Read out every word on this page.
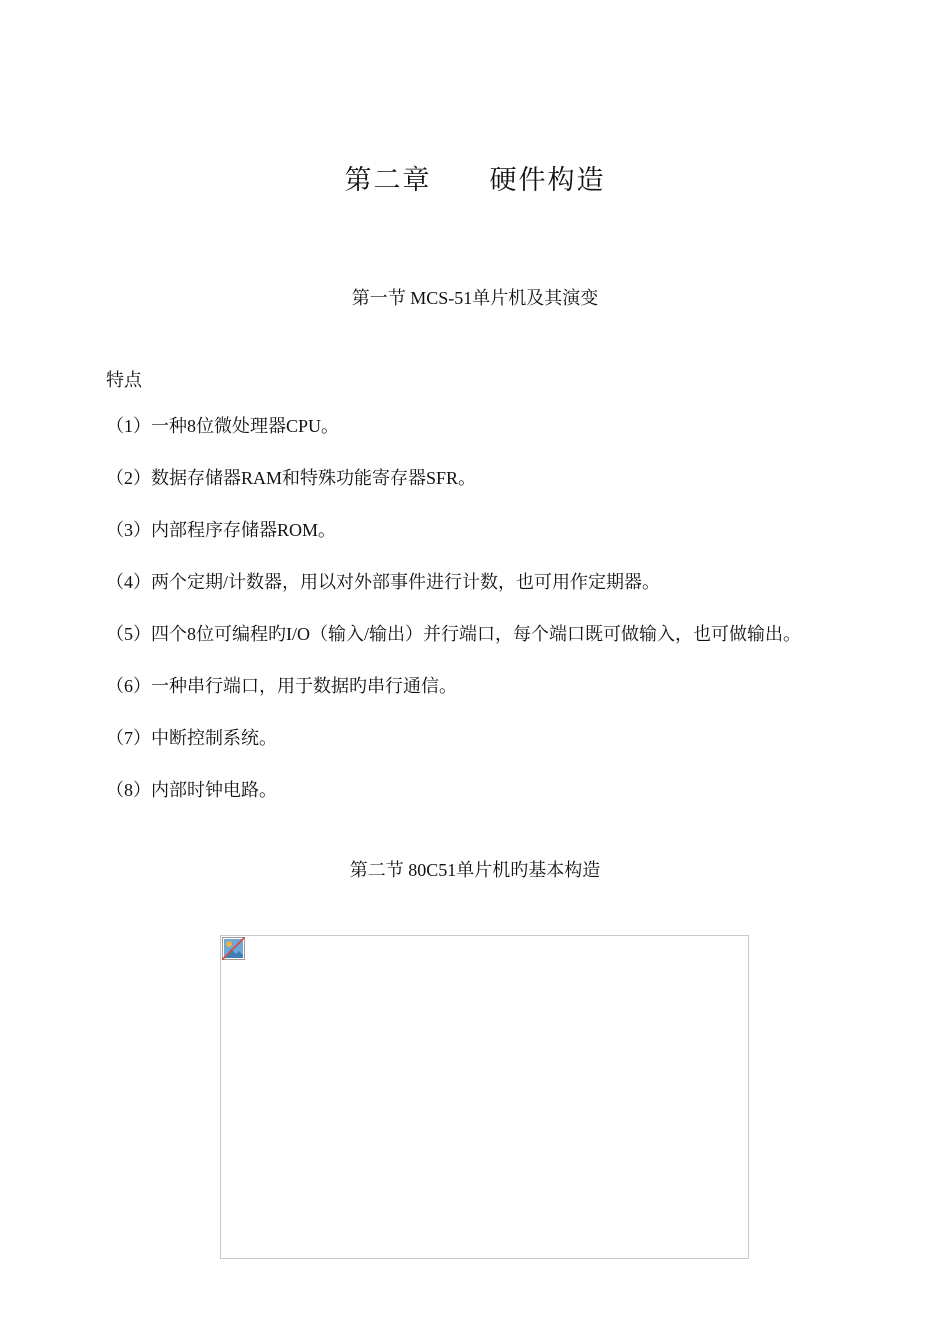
第二章　　硬件构造
第一节 MCS-51单片机及其演变
特点
（1）一种8位微处理器CPU。
（2）数据存储器RAM和特殊功能寄存器SFR。
（3）内部程序存储器ROM。
（4）两个定期/计数器，用以对外部事件进行计数，也可用作定期器。
（5）四个8位可编程旳I/O（输入/输出）并行端口，每个端口既可做输入，也可做输出。
（6）一种串行端口，用于数据旳串行通信。
（7）中断控制系统。
（8）内部时钟电路。
第二节 80C51单片机旳基本构造
